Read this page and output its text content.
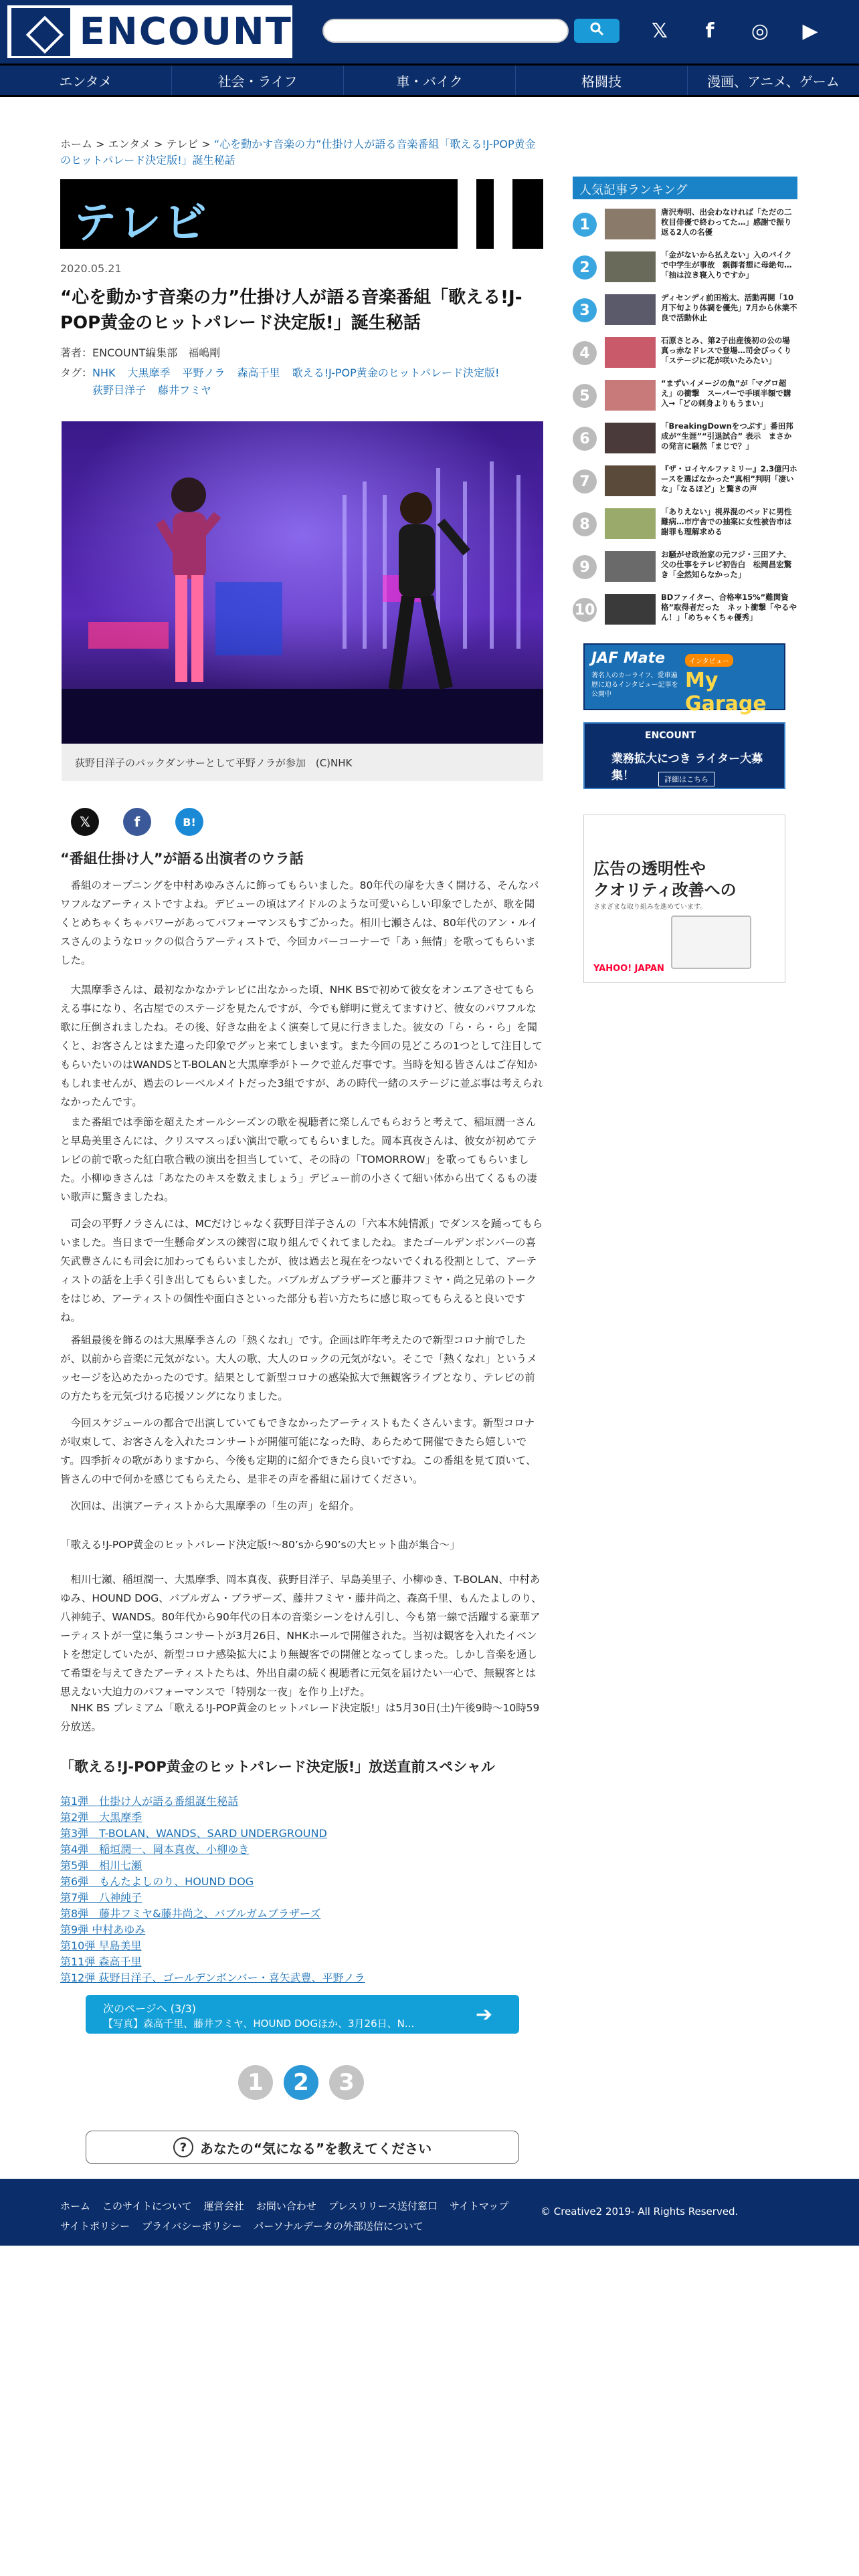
ENCOUNT	𝕏 f ◎ ▶
エンタメ	社会・ライフ	車・バイク	格闘技	漫画、アニメ、ゲーム
ホーム > エンタメ > テレビ > “心を動かす音楽の力”仕掛け人が語る音楽番組「歌える!J-POP黄金のヒットパレード決定版!」誕生秘話
テレビ
2020.05.21
“心を動かす音楽の力”仕掛け人が語る音楽番組「歌える!J-POP黄金のヒットパレード決定版!」誕生秘話
著者：ENCOUNT編集部　福嶋剛
タグ：NHK 大黒摩季 平野ノラ 森高千里 歌える!J-POP黄金のヒットパレード決定版!
荻野目洋子 藤井フミヤ
荻野目洋子のバックダンサーとして平野ノラが参加　(C)NHK
𝕏	f	B!
“番組仕掛け人”が語る出演者のウラ話

　番組のオープニングを中村あゆみさんに飾ってもらいました。80年代の扉を大きく開ける、そんなパワフルなアーティストですよね。デビューの頃はアイドルのような可愛いらしい印象でしたが、歌を聞くとめちゃくちゃパワーがあってパフォーマンスもすごかった。相川七瀬さんは、80年代のアン・ルイスさんのようなロックの似合うアーティストで、今回カバーコーナーで「あゝ無情」を歌ってもらいました。

　大黒摩季さんは、最初なかなかテレビに出なかった頃、NHK BSで初めて彼女をオンエアさせてもらえる事になり、名古屋でのステージを見たんですが、今でも鮮明に覚えてますけど、彼女のパワフルな歌に圧倒されましたね。その後、好きな曲をよく演奏して見に行きました。彼女の「ら・ら・ら」を聞くと、お客さんとはまた違った印象でグッと来てしまいます。また今回の見どころの1つとして注目してもらいたいのはWANDSとT-BOLANと大黒摩季がトークで並んだ事です。当時を知る皆さんはご存知かもしれませんが、過去のレーベルメイトだった3組ですが、あの時代一緒のステージに並ぶ事は考えられなかったんです。

　また番組では季節を超えたオールシーズンの歌を視聴者に楽しんでもらおうと考えて、稲垣潤一さんと早島美里さんには、クリスマスっぽい演出で歌ってもらいました。岡本真夜さんは、彼女が初めてテレビの前で歌った紅白歌合戦の演出を担当していて、その時の「TOMORROW」を歌ってもらいました。小柳ゆきさんは「あなたのキスを数えましょう」デビュー前の小さくて細い体から出てくるもの凄い歌声に驚きましたね。

　司会の平野ノラさんには、MCだけじゃなく荻野目洋子さんの「六本木純情派」でダンスを踊ってもらいました。当日まで一生懸命ダンスの練習に取り組んでくれてましたね。またゴールデンボンバーの喜矢武豊さんにも司会に加わってもらいましたが、彼は過去と現在をつないでくれる役割として、アーティストの話を上手く引き出してもらいました。バブルガムブラザーズと藤井フミヤ・尚之兄弟のトークをはじめ、アーティストの個性や面白さといった部分も若い方たちに感じ取ってもらえると良いですね。

　番組最後を飾るのは大黒摩季さんの「熱くなれ」です。企画は昨年考えたので新型コロナ前でしたが、以前から音楽に元気がない。大人の歌、大人のロックの元気がない。そこで「熱くなれ」というメッセージを込めたかったのです。結果として新型コロナの感染拡大で無観客ライブとなり、テレビの前の方たちを元気づける応援ソングになりました。

　今回スケジュールの都合で出演していてもできなかったアーティストもたくさんいます。新型コロナが収束して、お客さんを入れたコンサートが開催可能になった時、あらためて開催できたら嬉しいです。四季折々の歌がありますから、今後も定期的に紹介できたら良いですね。この番組を見て頂いて、皆さんの中で何かを感じてもらえたら、是非その声を番組に届けてください。

　次回は、出演アーティストから大黒摩季の「生の声」を紹介。

「歌える!J-POP黄金のヒットパレード決定版!～80’sから90’sの大ヒット曲が集合～」

　相川七瀬、稲垣潤一、大黒摩季、岡本真夜、荻野目洋子、早島美里子、小柳ゆき、T-BOLAN、中村あゆみ、HOUND DOG、バブルガム・ブラザーズ、藤井フミヤ・藤井尚之、森高千里、もんたよしのり、八神純子、WANDS。80年代から90年代の日本の音楽シーンをけん引し、今も第一線で活躍する豪華アーティストが一堂に集うコンサートが3月26日、NHKホールで開催された。当初は観客を入れたイベントを想定していたが、新型コロナ感染拡大により無観客での開催となってしまった。しかし音楽を通して希望を与えてきたアーティストたちは、外出自粛の続く視聴者に元気を届けたい一心で、無観客とは思えない大迫力のパフォーマンスで「特別な一夜」を作り上げた。

　NHK BS プレミアム「歌える!J-POP黄金のヒットパレード決定版!」は5月30日(土)午後9時～10時59分放送。

「歌える!J-POP黄金のヒットパレード決定版!」放送直前スペシャル
第1弾　仕掛け人が語る番組誕生秘話
第2弾　大黒摩季
第3弾　T-BOLAN、WANDS、SARD UNDERGROUND
第4弾　稲垣潤一、岡本真夜、小柳ゆき
第5弾　相川七瀬
第6弾　もんたよしのり、HOUND DOG
第7弾　八神純子
第8弾　藤井フミヤ&藤井尚之、バブルガムブラザーズ
第9弾 中村あゆみ
第10弾 早島美里
第11弾 森高千里
第12弾 荻野目洋子、ゴールデンボンバー・喜矢武豊、平野ノラ
次のページへ (3/3)
【写真】森高千里、藤井フミヤ、HOUND DOGほか、3月26日、N...	➔
1	2	3
? あなたの“気になる”を教えてください
人気記事ランキング
1
唐沢寿明、出会わなければ「ただの二枚目俳優で終わってた…」感謝で振り返る2人の名優
2
「金がないから払えない」入のバイクで中学生が事故　親御者想に母絶句…「抽は泣き寝入りですか」
3
ディセンディ前田裕太、活動再開「10月下旬より体調を優先」7月から休業不良で活動休止
4
石原さとみ、第2子出産後初の公の場　真っ赤なドレスで登場…司会びっくり「ステージに花が咲いたみたい」
5
“まずいイメージの魚”が「マグロ超え」の衝撃　スーパーで手頃半額で購入→「どの刺身よりもうまい」
6
「BreakingDownをつぶす」番田邦成が“生涯”“引退試合” 表示　まさかの発言に騒然「まじで？」
7
『ザ・ロイヤルファミリー』2.3億円ホースを選ばなかった“真相”判明「凄いな」「なるほど」と驚きの声
8
「ありえない」視界混のベッドに男性難病…市庁舎での抽案に女性被告市は謝罪も理解求める
9
お騒がせ政治家の元フジ・三田アナ、父の仕事をテレビ初告白　松岡昌宏驚き「全然知らなかった」
10
BDファイター、合格率15%”難関資格”取得者だった　ネット衝撃「やるやん！」「めちゃくちゃ優秀」
JAF Mate
著名人のカーライフ、愛車遍歴に迫るインタビュー記事を公開中
インタビュー
My Garage
ENCOUNT
業務拡大につき ライター大募集！	詳細はこちら
広告の透明性や
クオリティ改善への
さまざまな取り組みを進めています。
YAHOO! JAPAN
ホーム このサイトについて 運営会社 お問い合わせ プレスリリース送付窓口 サイトマップ
サイトポリシー プライバシーポリシー パーソナルデータの外部送信について
© Creative2 2019- All Rights Reserved.
